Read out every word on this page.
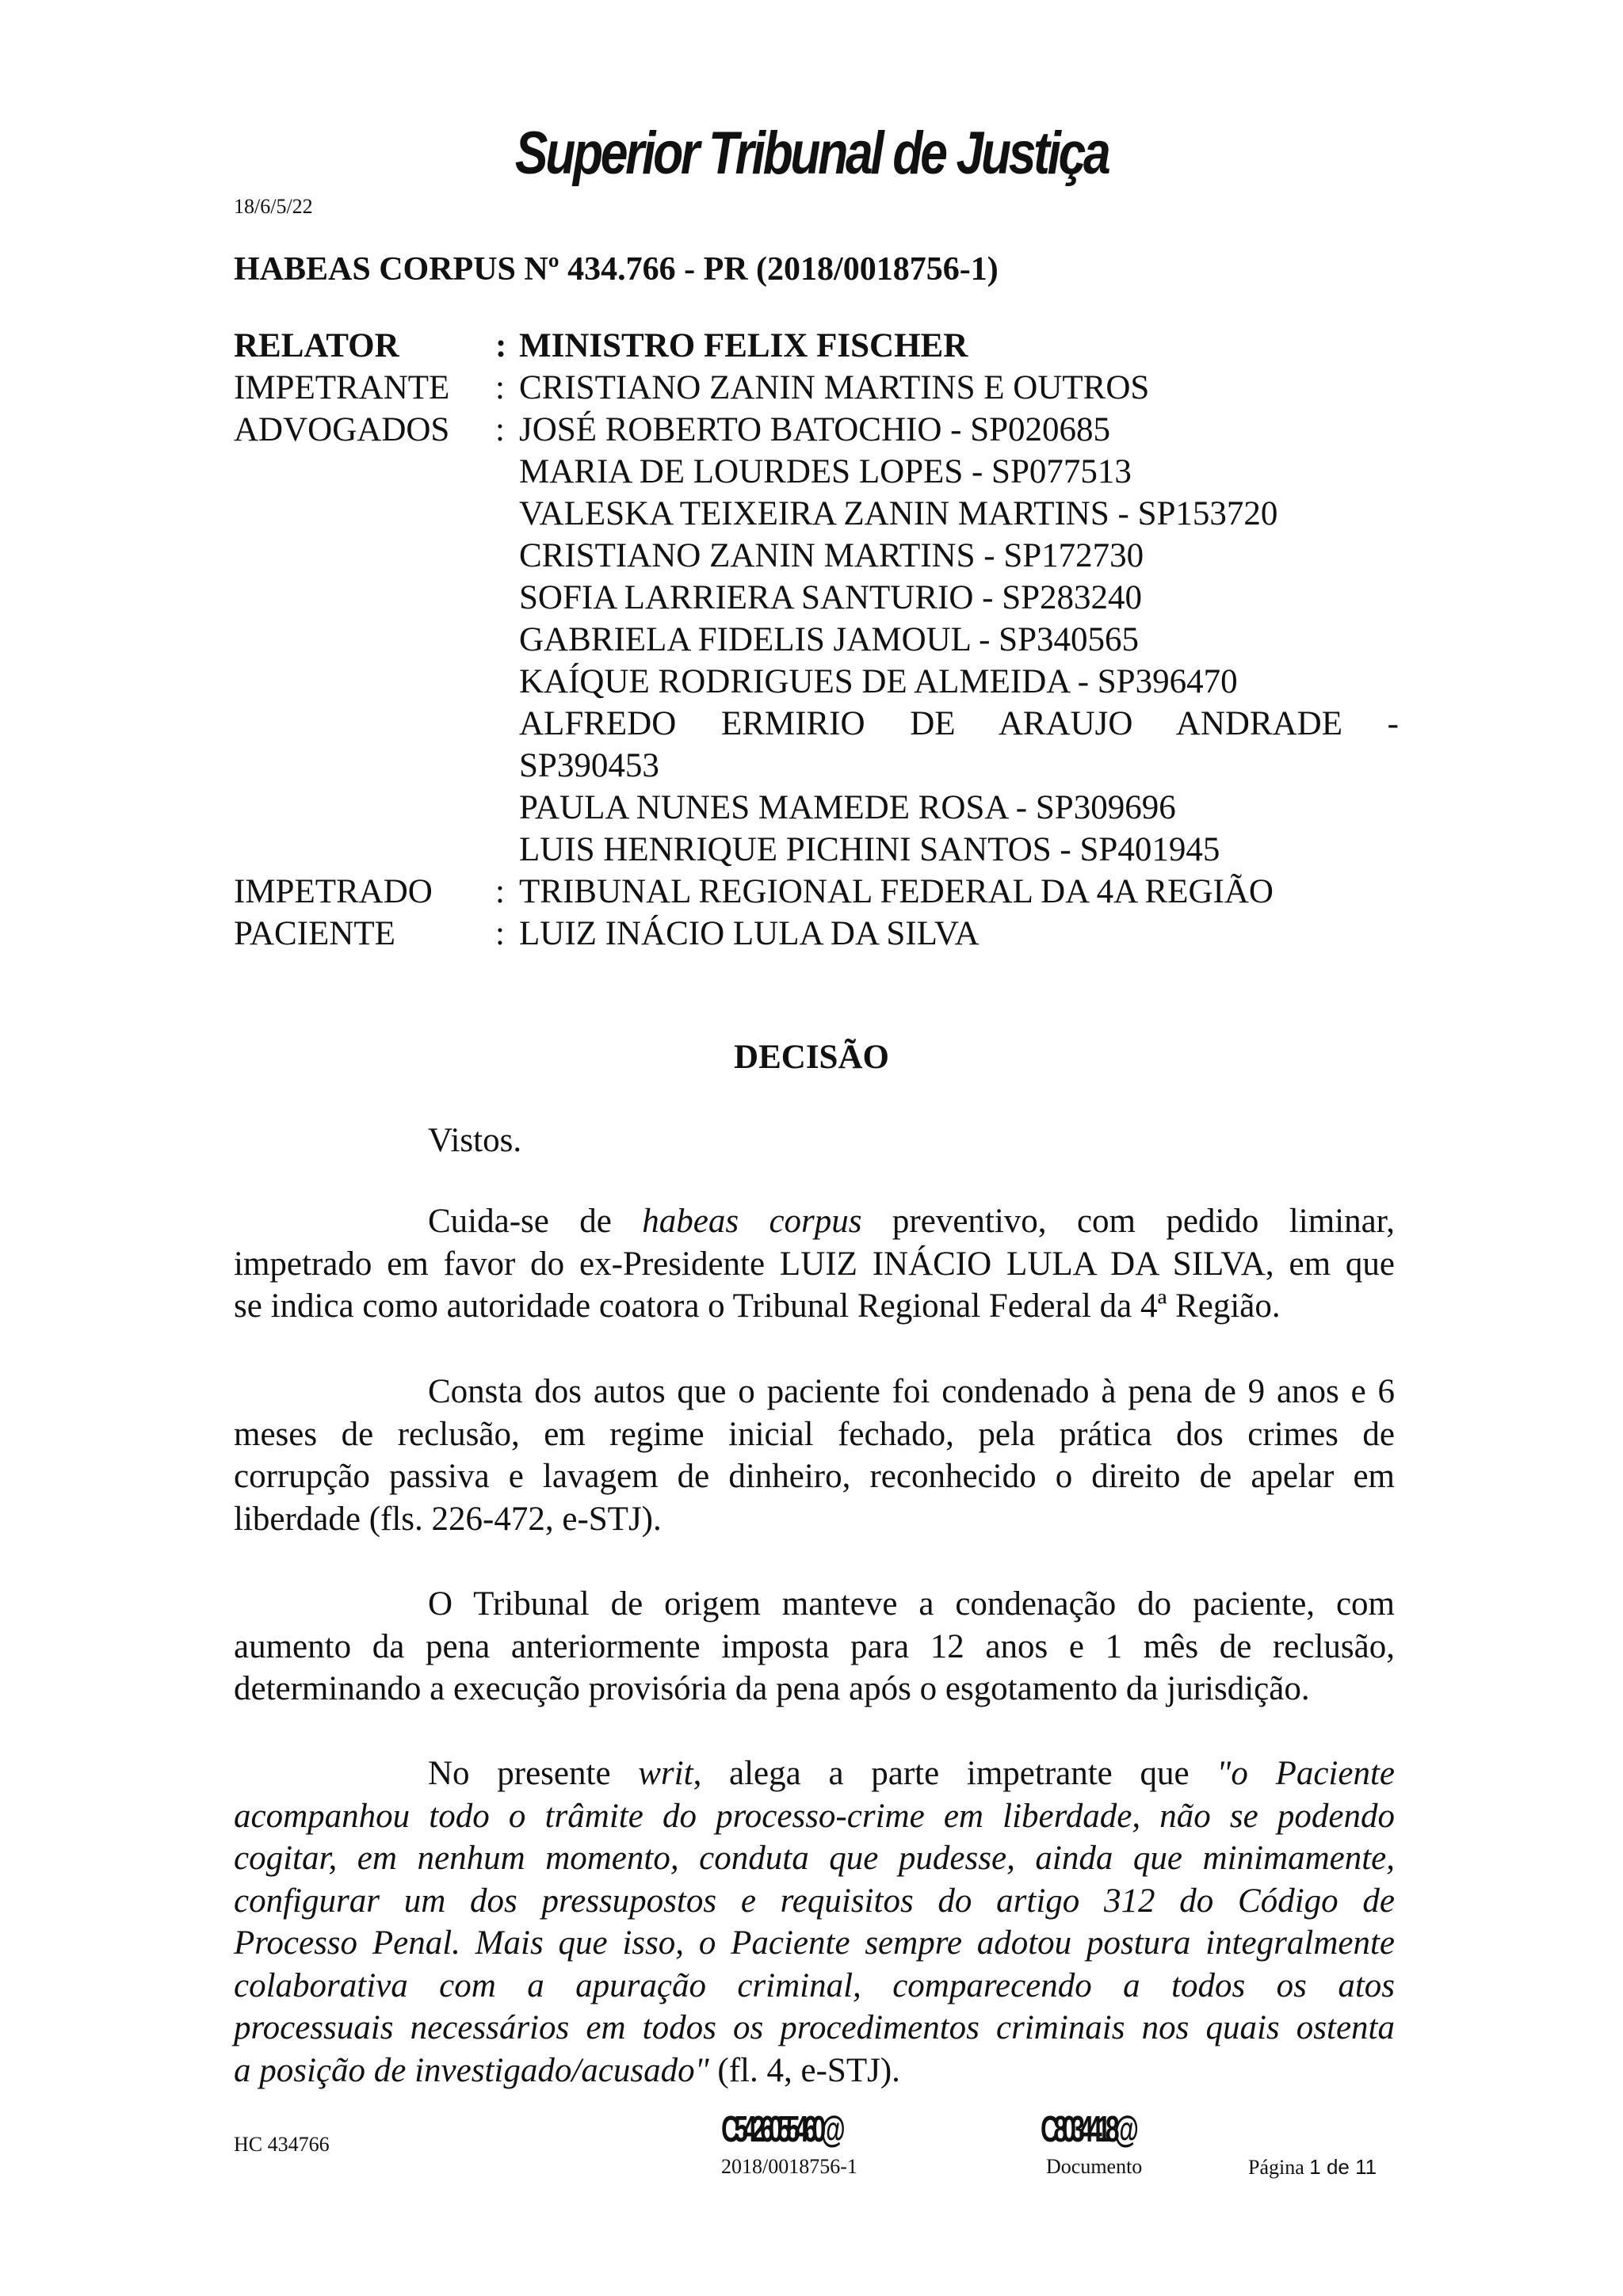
Superior Tribunal de Justiça
18/6/5/22
HABEAS CORPUS Nº 434.766 - PR (2018/0018756-1)
RELATOR	: MINISTRO FELIX FISCHER
IMPETRANTE	: CRISTIANO ZANIN MARTINS E OUTROS
ADVOGADOS	: JOSÉ ROBERTO BATOCHIO - SP020685
MARIA DE LOURDES LOPES - SP077513
VALESKA TEIXEIRA ZANIN MARTINS - SP153720
CRISTIANO ZANIN MARTINS - SP172730
SOFIA LARRIERA SANTURIO - SP283240
GABRIELA FIDELIS JAMOUL - SP340565
KAÍQUE RODRIGUES DE ALMEIDA - SP396470
ALFREDO ERMIRIO DE ARAUJO ANDRADE -
SP390453
PAULA NUNES MAMEDE ROSA - SP309696
LUIS HENRIQUE PICHINI SANTOS - SP401945
IMPETRADO	: TRIBUNAL REGIONAL FEDERAL DA 4A REGIÃO
PACIENTE	: LUIZ INÁCIO LULA DA SILVA
DECISÃO
Vistos.
Cuida-se de habeas corpus preventivo, com pedido liminar,
impetrado em favor do ex-Presidente LUIZ INÁCIO LULA DA SILVA, em que
se indica como autoridade coatora o Tribunal Regional Federal da 4ª Região.
Consta dos autos que o paciente foi condenado à pena de 9 anos e 6
meses de reclusão, em regime inicial fechado, pela prática dos crimes de
corrupção passiva e lavagem de dinheiro, reconhecido o direito de apelar em
liberdade (fls. 226-472, e-STJ).
O Tribunal de origem manteve a condenação do paciente, com
aumento da pena anteriormente imposta para 12 anos e 1 mês de reclusão,
determinando a execução provisória da pena após o esgotamento da jurisdição.
No presente writ, alega a parte impetrante que "o Paciente
acompanhou todo o trâmite do processo-crime em liberdade, não se podendo
cogitar, em nenhum momento, conduta que pudesse, ainda que minimamente,
configurar um dos pressupostos e requisitos do artigo 312 do Código de
Processo Penal. Mais que isso, o Paciente sempre adotou postura integralmente
colaborativa com a apuração criminal, comparecendo a todos os atos
processuais necessários em todos os procedimentos criminais nos quais ostenta
a posição de investigado/acusado" (fl. 4, e-STJ).
HC 434766	C5426055460@
2018/0018756-1
C8034418@
Documento	Página 1 de 11
